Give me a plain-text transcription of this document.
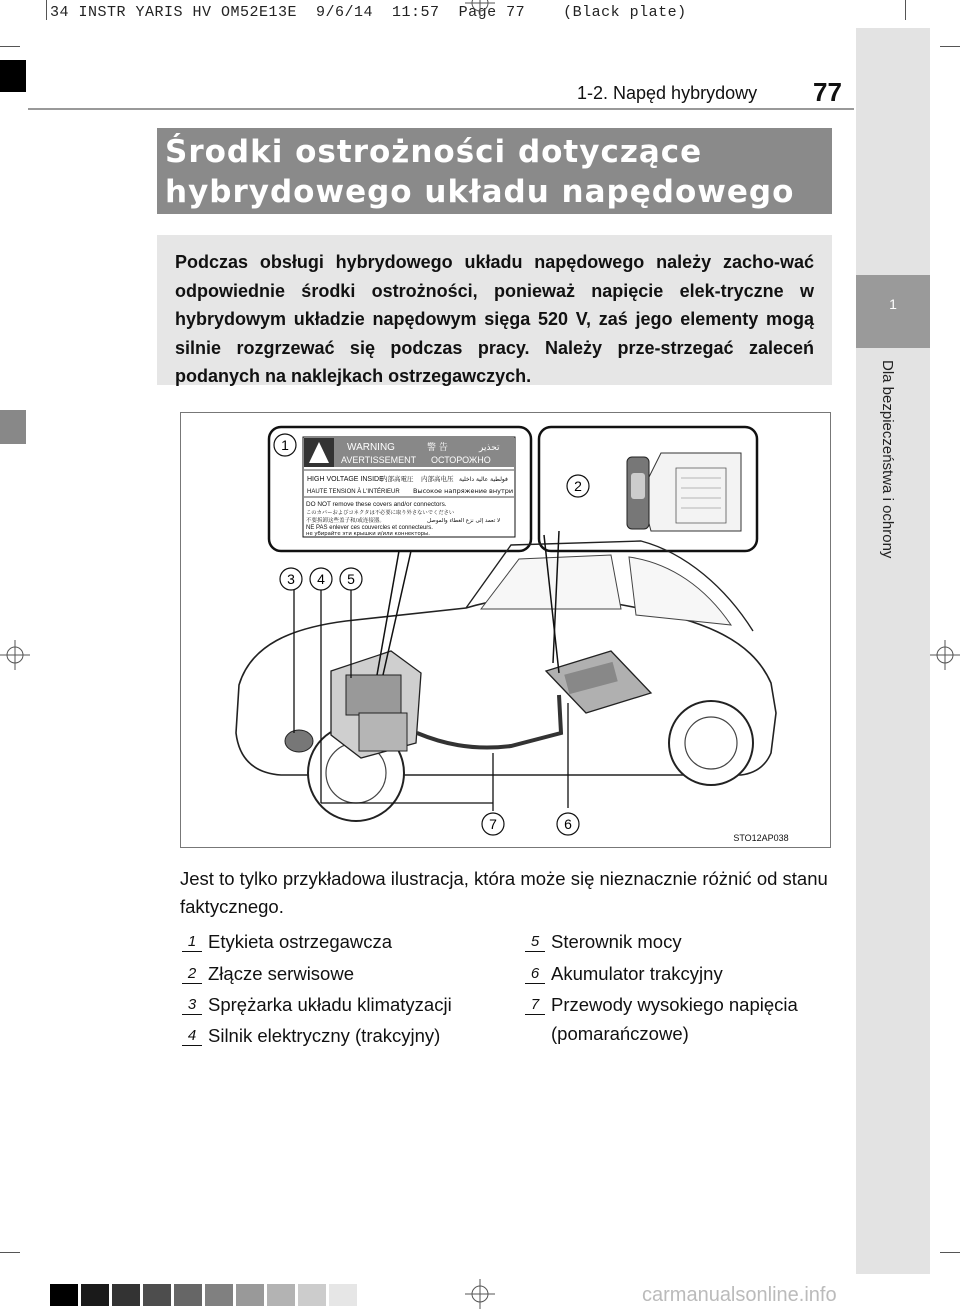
34 INSTR YARIS HV OM52E13E  9/6/14  11:57  Page 77    (Black plate)
1
Dla bezpieczeństwa i ochrony
1-2. Napęd hybrydowy 77
Środki ostrożności dotyczące
hybrydowego układu napędowego
Podczas obsługi hybrydowego układu napędowego należy zacho-wać odpowiednie środki ostrożności, ponieważ napięcie elek-tryczne w hybrydowym układzie napędowym sięga 520 V, zaś jego elementy mogą silnie rozgrzewać się podczas pracy. Należy prze-strzegać zaleceń podanych na naklejkach ostrzegawczych.
WARNING	警 告	تحذير
AVERTISSEMENT ОСТОРОЖНО
HIGH VOLTAGE INSIDE
内部高電圧 内部高电压 فولطية عالية داخلية
HAUTE TENSION À L'INTÉRIEUR Высокое напряжение внутри
DO NOT remove these covers and/or connectors.
このカバーおよびコネクタは不必要に取り外さないでください
不要拆卸这些盖子和/或连接器。	لا تعمد إلى نزع الغطاء والموصل
NE PAS enlever ces couvercles et connecteurs.
не убирайте эти крышки и/или коннекторы.
1
2
3 4 5
6
7
STO12AP038
Jest to tylko przykładowa ilustracja, która może się nieznacznie różnić od stanu faktycznego.
1 Etykieta ostrzegawcza
2 Złącze serwisowe
3 Sprężarka układu klimatyzacji
4 Silnik elektryczny (trakcyjny)
5 Sterownik mocy
6 Akumulator trakcyjny
7 Przewody wysokiego napięcia (pomarańczowe)
carmanualsonline.info
